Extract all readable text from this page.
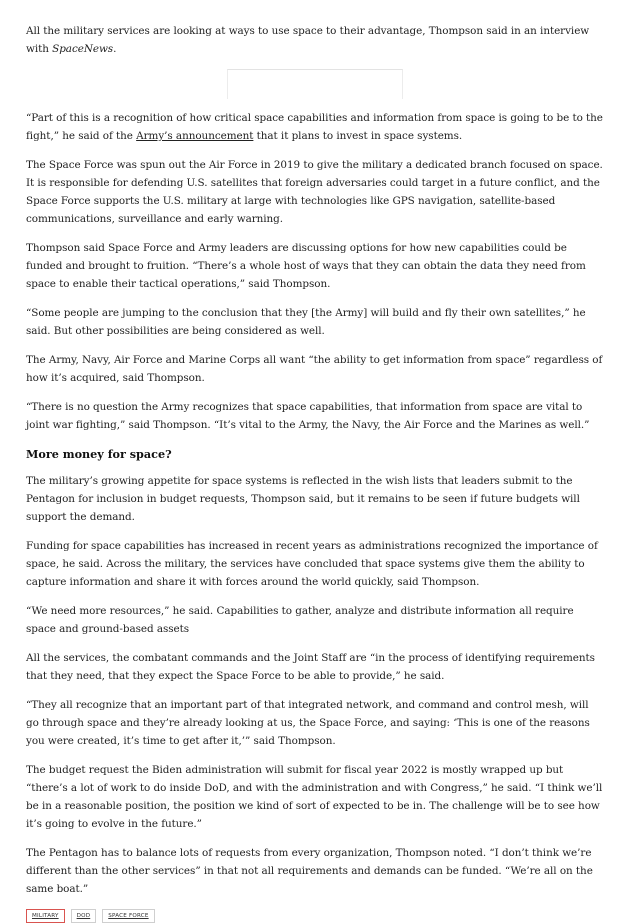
All the military services are looking at ways to use space to their advantage, Thompson said in an interview with SpaceNews.

“Part of this is a recognition of how critical space capabilities and information from space is going to be to the fight,” he said of the Army’s announcement that it plans to invest in space systems.

The Space Force was spun out the Air Force in 2019 to give the military a dedicated branch focused on space. It is responsible for defending U.S. satellites that foreign adversaries could target in a future conflict, and the Space Force supports the U.S. military at large with technologies like GPS navigation, satellite-based communications, surveillance and early warning.

Thompson said Space Force and Army leaders are discussing options for how new capabilities could be funded and brought to fruition. “There’s a whole host of ways that they can obtain the data they need from space to enable their tactical operations,” said Thompson.

“Some people are jumping to the conclusion that they [the Army] will build and fly their own satellites,” he said. But other possibilities are being considered as well.

The Army, Navy, Air Force and Marine Corps all want “the ability to get information from space” regardless of how it’s acquired, said Thompson.

“There is no question the Army recognizes that space capabilities, that information from space are vital to joint war fighting,” said Thompson. “It’s vital to the Army, the Navy, the Air Force and the Marines as well.”

More money for space?

The military’s growing appetite for space systems is reflected in the wish lists that leaders submit to the Pentagon for inclusion in budget requests, Thompson said, but it remains to be seen if future budgets will support the demand.

Funding for space capabilities has increased in recent years as administrations recognized the importance of space, he said. Across the military, the services have concluded that space systems give them the ability to capture information and share it with forces around the world quickly, said Thompson.

“We need more resources,” he said. Capabilities to gather, analyze and distribute information all require space and ground-based assets

All the services, the combatant commands and the Joint Staff are “in the process of identifying requirements that they need, that they expect the Space Force to be able to provide,” he said.

“They all recognize that an important part of that integrated network, and command and control mesh, will go through space and they’re already looking at us, the Space Force, and saying: ‘This is one of the reasons you were created, it’s time to get after it,’” said Thompson.

The budget request the Biden administration will submit for fiscal year 2022 is mostly wrapped up but “there’s a lot of work to do inside DoD, and with the administration and with Congress,” he said. “I think we’ll be in a reasonable position, the position we kind of sort of expected to be in. The challenge will be to see how it’s going to evolve in the future.”

The Pentagon has to balance lots of requests from every organization, Thompson noted. “I don’t think we’re different than the other services” in that not all requirements and demands can be funded. “We’re all on the same boat.”

MILITARY	DOD	SPACE FORCE
